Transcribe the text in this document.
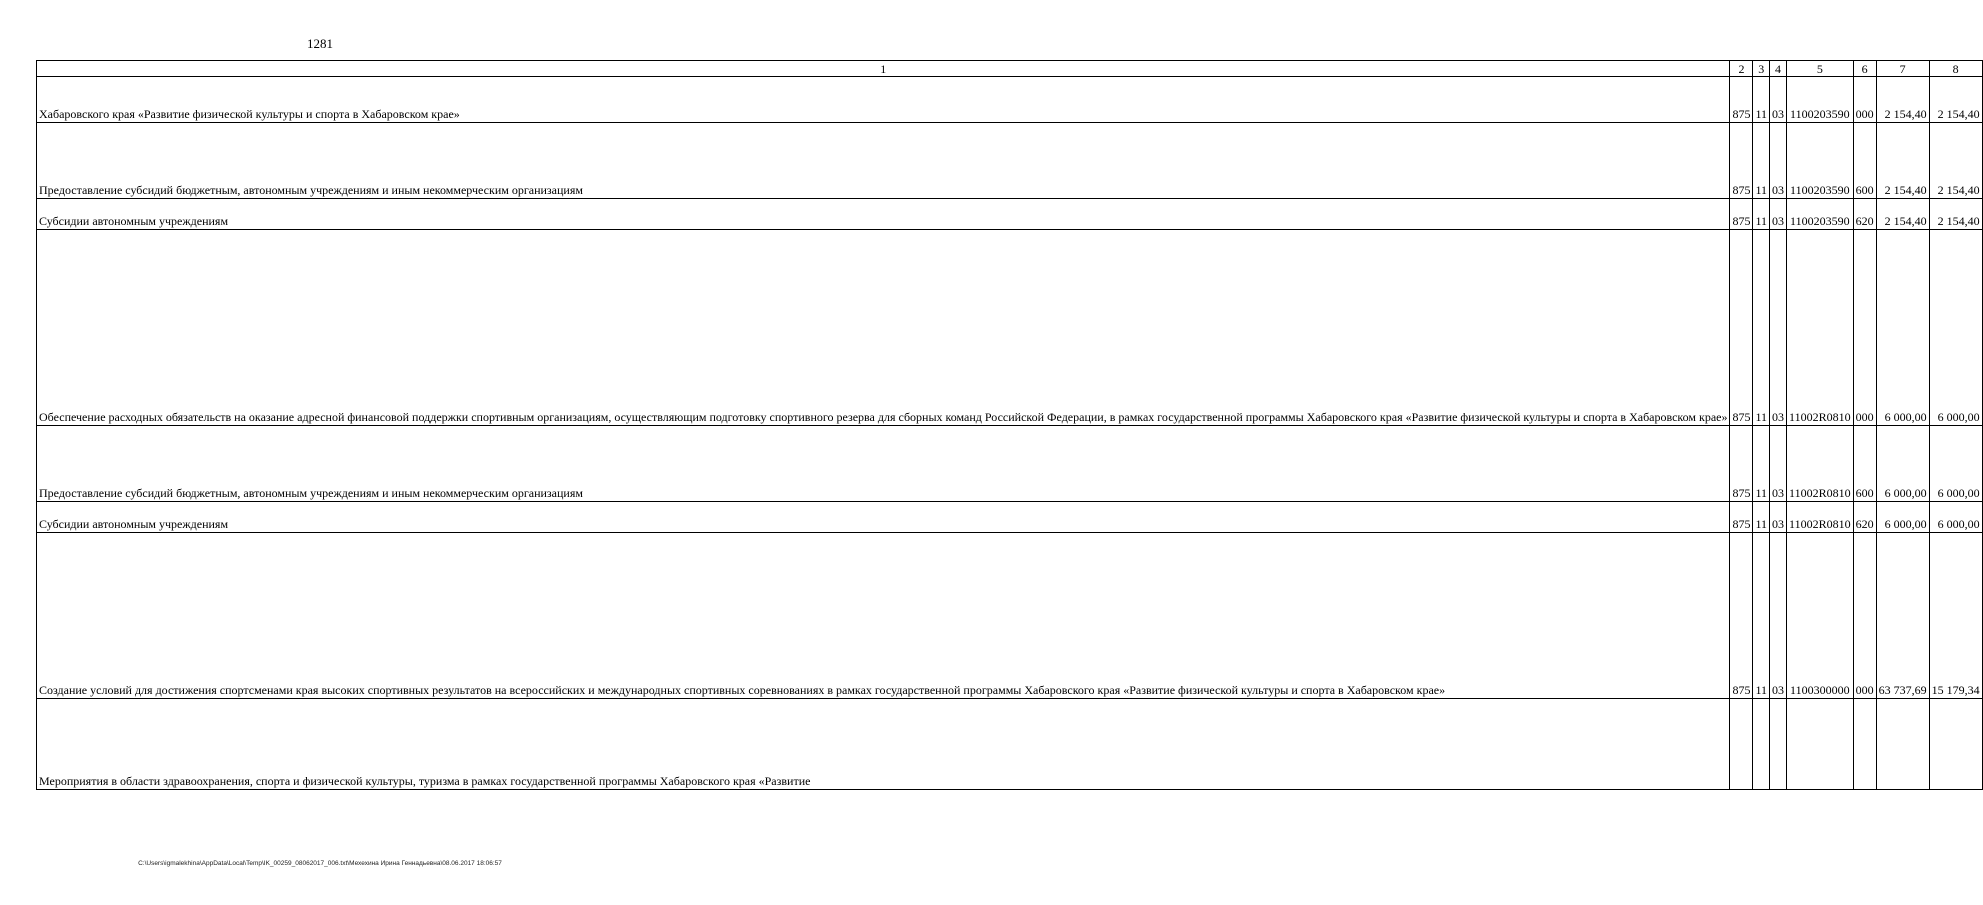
1281
1	2	3	4	5	6	7	8
Хабаровского края «Развитие физической культуры и спорта в Хабаровском крае»	875	11	03	1100203590	000	2 154,40	2 154,40
Предоставление субсидий бюджетным, автономным учреждениям и иным некоммерческим организациям	875	11	03	1100203590	600	2 154,40	2 154,40
Субсидии автономным учреждениям	875	11	03	1100203590	620	2 154,40	2 154,40
Обеспечение расходных обязательств на оказание адресной финансовой поддержки спортивным организациям, осуществляющим подготовку спортивного резерва для сборных команд Российской Федерации, в рамках государственной программы Хабаровского края «Развитие физической культуры и спорта в Хабаровском крае»	875	11	03	11002R0810	000	6 000,00	6 000,00
Предоставление субсидий бюджетным, автономным учреждениям и иным некоммерческим организациям	875	11	03	11002R0810	600	6 000,00	6 000,00
Субсидии автономным учреждениям	875	11	03	11002R0810	620	6 000,00	6 000,00
Создание условий для достижения спортсменами края высоких спортивных результатов на всероссийских и международных спортивных соревнованиях в рамках государственной программы Хабаровского края «Развитие физической культуры и спорта в Хабаровском крае»	875	11	03	1100300000	000	63 737,69	15 179,34
Мероприятия в области здравоохранения, спорта и физической культуры, туризма в рамках государственной программы Хабаровского края «Развитие							
C:\Users\igmalekhina\AppData\Local\Temp\IK_00259_08062017_006.txt\Мехехина Ирина Геннадьевна\08.06.2017 18:06:57
